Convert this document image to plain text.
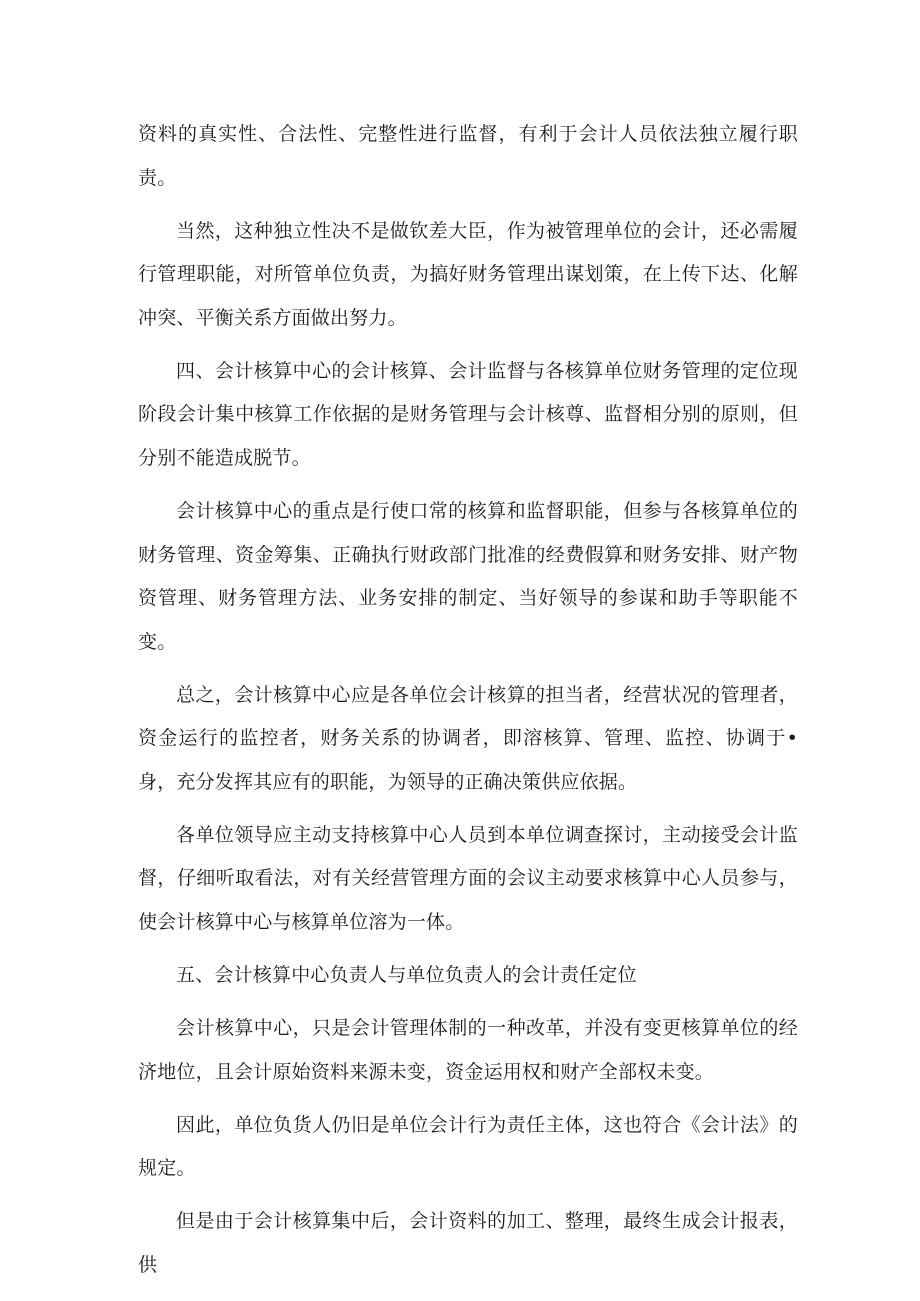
资料的真实性、合法性、完整性进行监督，有利于会计人员依法独立履行职责。

当然，这种独立性决不是做钦差大臣，作为被管理单位的会计，还必需履行管理职能，对所管单位负责，为搞好财务管理出谋划策，在上传下达、化解冲突、平衡关系方面做出努力。

四、会计核算中心的会计核算、会计监督与各核算单位财务管理的定位现阶段会计集中核算工作依据的是财务管理与会计核尊、监督相分别的原则，但分别不能造成脱节。

会计核算中心的重点是行使口常的核算和监督职能，但参与各核算单位的财务管理、资金筹集、正确执行财政部门批准的经费假算和财务安排、财产物资管理、财务管理方法、业务安排的制定、当好领导的参谋和助手等职能不变。

总之，会计核算中心应是各单位会计核算的担当者，经营状况的管理者，资金运行的监控者，财务关系的协调者，即溶核算、管理、监控、协调于•身，充分发挥其应有的职能，为领导的正确决策供应依据。

各单位领导应主动支持核算中心人员到本单位调查探讨，主动接受会计监督，仔细听取看法，对有关经营管理方面的会议主动要求核算中心人员参与，使会计核算中心与核算单位溶为一体。

五、会计核算中心负责人与单位负责人的会计责任定位

会计核算中心，只是会计管理体制的一种改革，并没有变更核算单位的经济地位，且会计原始资料来源未变，资金运用权和财产全部权未变。

因此，单位负货人仍旧是单位会计行为责任主体，这也符合《会计法》的规定。

但是由于会计核算集中后，会计资料的加工、整理，最终生成会计报表，供
